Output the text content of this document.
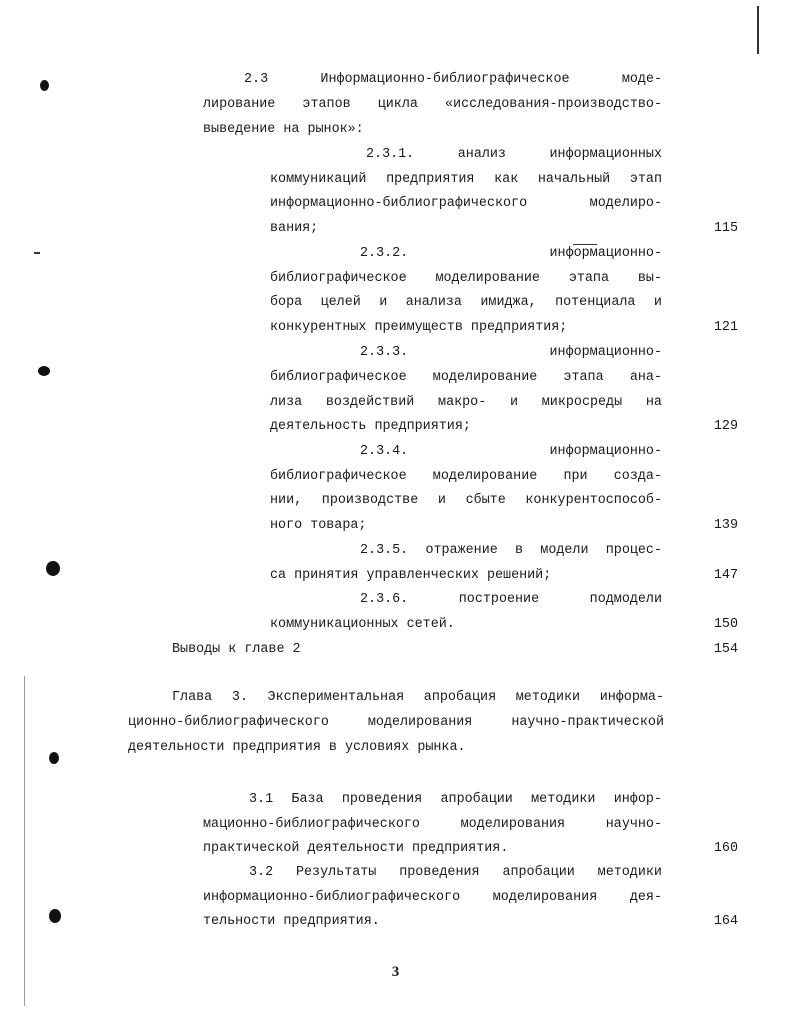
2.3	Информационно-библиографическое	моде-
лирование этапов цикла «исследования-производство-
выведение на рынок»:
2.3.1.	анализ	информационных
коммуникаций предприятия как начальный этап
информационно-библиографического	моделиро-
вания;	115
2.3.2.	информационно-
библиографическое моделирование этапа вы-
бора целей и анализа имиджа, потенциала и
конкурентных преимуществ предприятия;	121
2.3.3.	информационно-
библиографическое моделирование этапа ана-
лиза воздействий макро- и микросреды на
деятельность предприятия;	129
2.3.4.	информационно-
библиографическое моделирование при созда-
нии, производстве и сбыте конкурентоспособ-
ного товара;	139
2.3.5. отражение в модели процес-
са принятия управленческих решений;	147
2.3.6.	построение	подмодели
коммуникационных сетей.	150
Выводы к главе 2	154
Глава 3. Экспериментальная апробация методики информа-
ционно-библиографического	моделирования	научно-практической
деятельности предприятия в условиях рынка.
3.1 База проведения апробации методики инфор-
мационно-библиографического	моделирования	научно-
практической деятельности предприятия.	160
3.2 Результаты проведения апробации методики
информационно-библиографического моделирования дея-
тельности предприятия.	164
3
